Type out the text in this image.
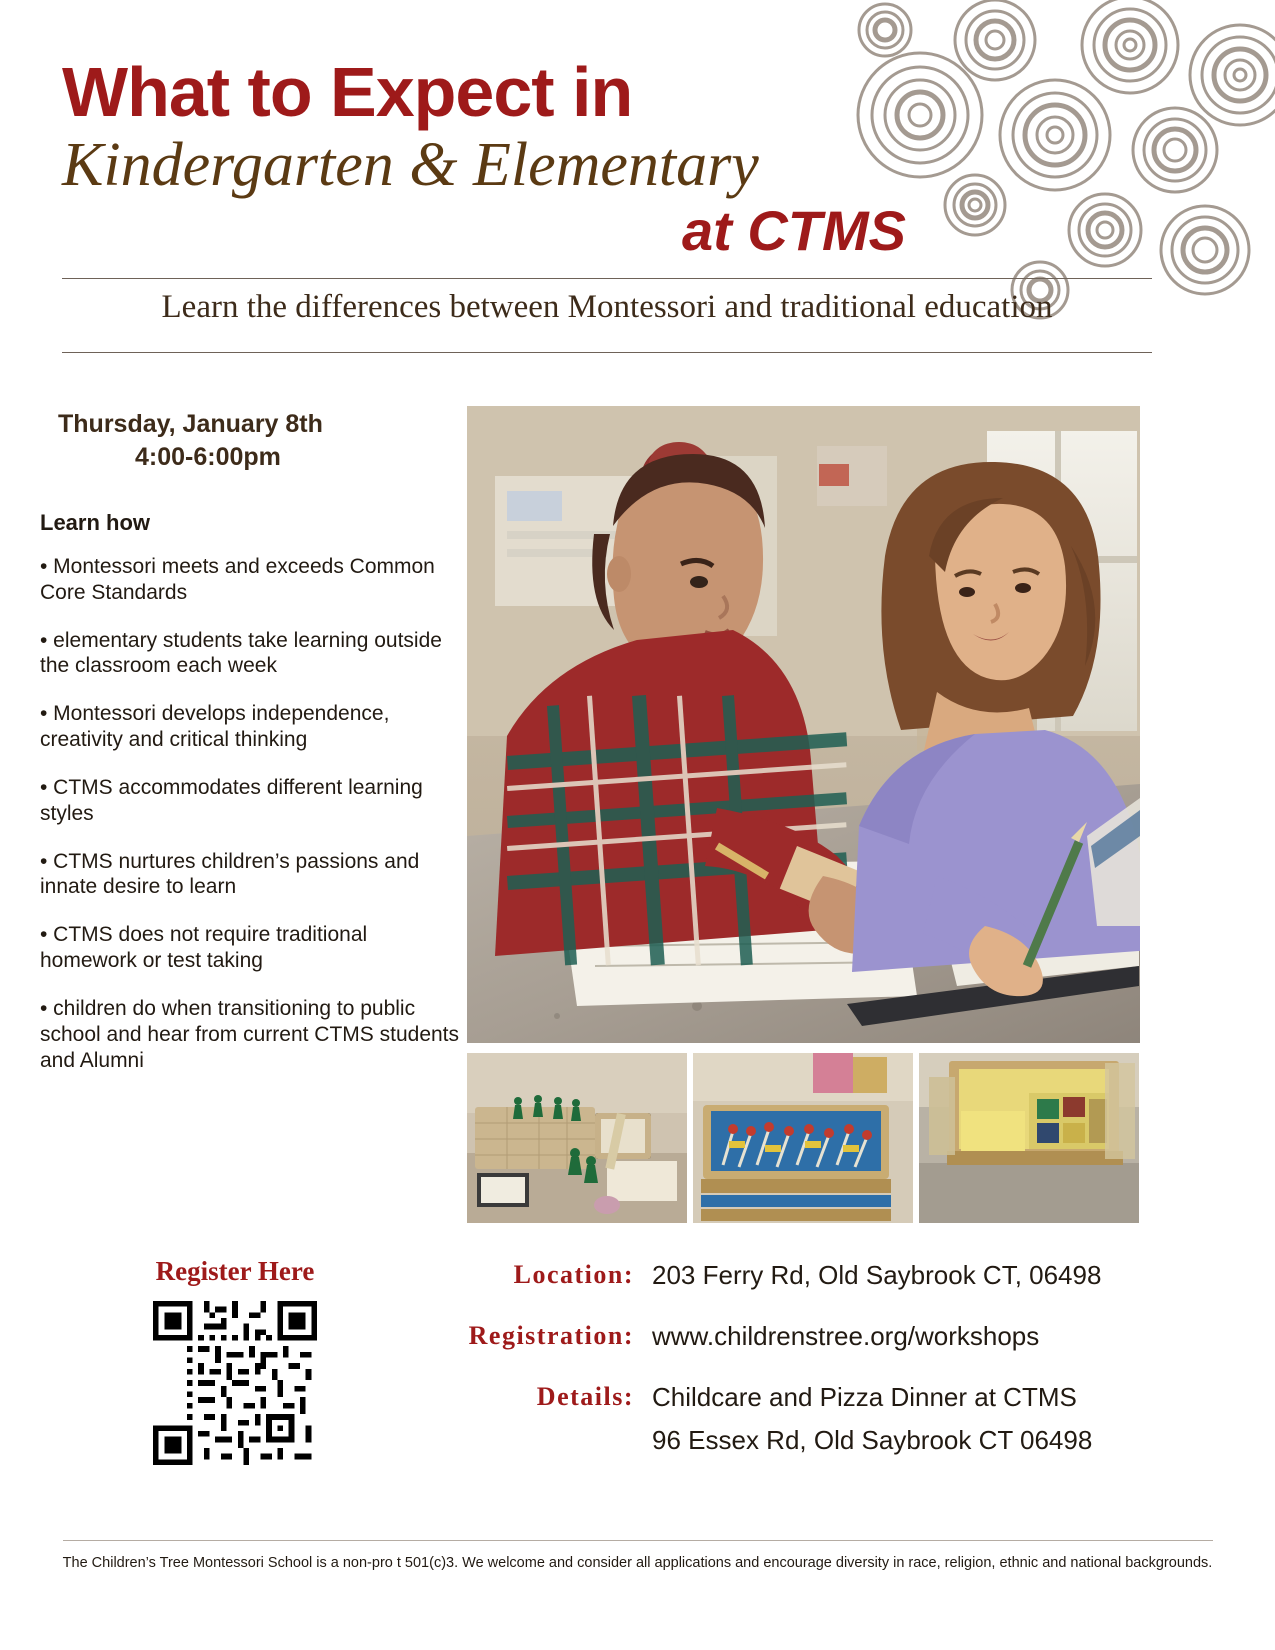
What to Expect in
Kindergarten & Elementary
at CTMS

Learn the differences between Montessori and traditional education

Thursday, January 8th
4:00-6:00pm
Learn how

• Montessori meets and exceeds Common Core Standards

• elementary students take learning outside the classroom each week

• Montessori develops independence, creativity and critical thinking

• CTMS accommodates different learning styles

• CTMS nurtures children’s passions and innate desire to learn

• CTMS does not require traditional homework or test taking

• children do when transitioning to public school and hear from current CTMS students and Alumni

Register Here	Location: 203 Ferry Rd, Old Saybrook CT, 06498
Registration: www.childrenstree.org/workshops
Details: Childcare and Pizza Dinner at CTMS
96 Essex Rd, Old Saybrook CT 06498

The Children’s Tree Montessori School is a non-pro t 501(c)3. We welcome and consider all applications and encourage diversity in race, religion, ethnic and national backgrounds.
